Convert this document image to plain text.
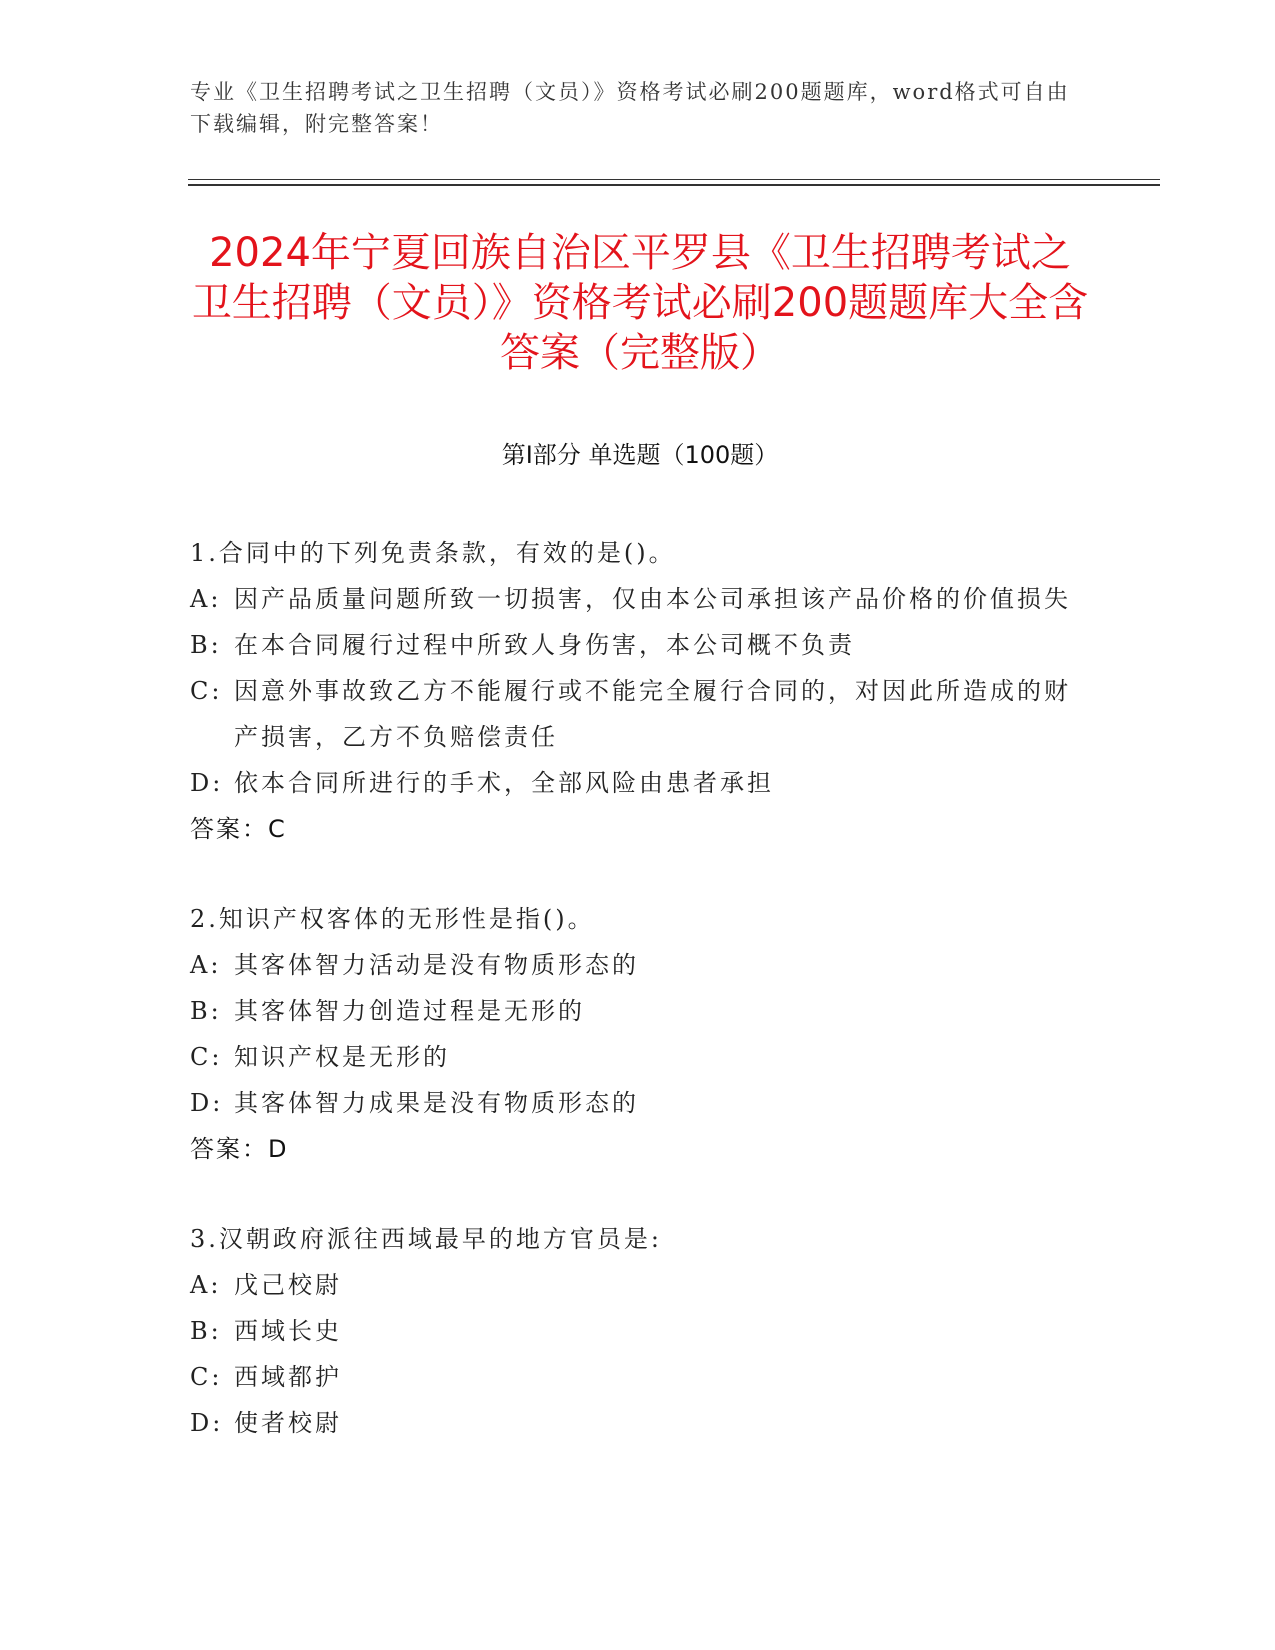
专业《卫生招聘考试之卫生招聘（文员）》资格考试必刷200题题库，word格式可自由下载编辑，附完整答案！
2024年宁夏回族自治区平罗县《卫生招聘考试之卫生招聘（文员）》资格考试必刷200题题库大全含答案（完整版）
第Ⅰ部分 单选题（100题）
1.合同中的下列免责条款，有效的是()。
A: 因产品质量问题所致一切损害，仅由本公司承担该产品价格的价值损失
B: 在本合同履行过程中所致人身伤害，本公司概不负责
C: 因意外事故致乙方不能履行或不能完全履行合同的，对因此所造成的财产损害，乙方不负赔偿责任
D: 依本合同所进行的手术，全部风险由患者承担
答案：C
2.知识产权客体的无形性是指()。
A: 其客体智力活动是没有物质形态的
B: 其客体智力创造过程是无形的
C: 知识产权是无形的
D: 其客体智力成果是没有物质形态的
答案：D
3.汉朝政府派往西域最早的地方官员是:
A: 戊己校尉
B: 西域长史
C: 西域都护
D: 使者校尉
